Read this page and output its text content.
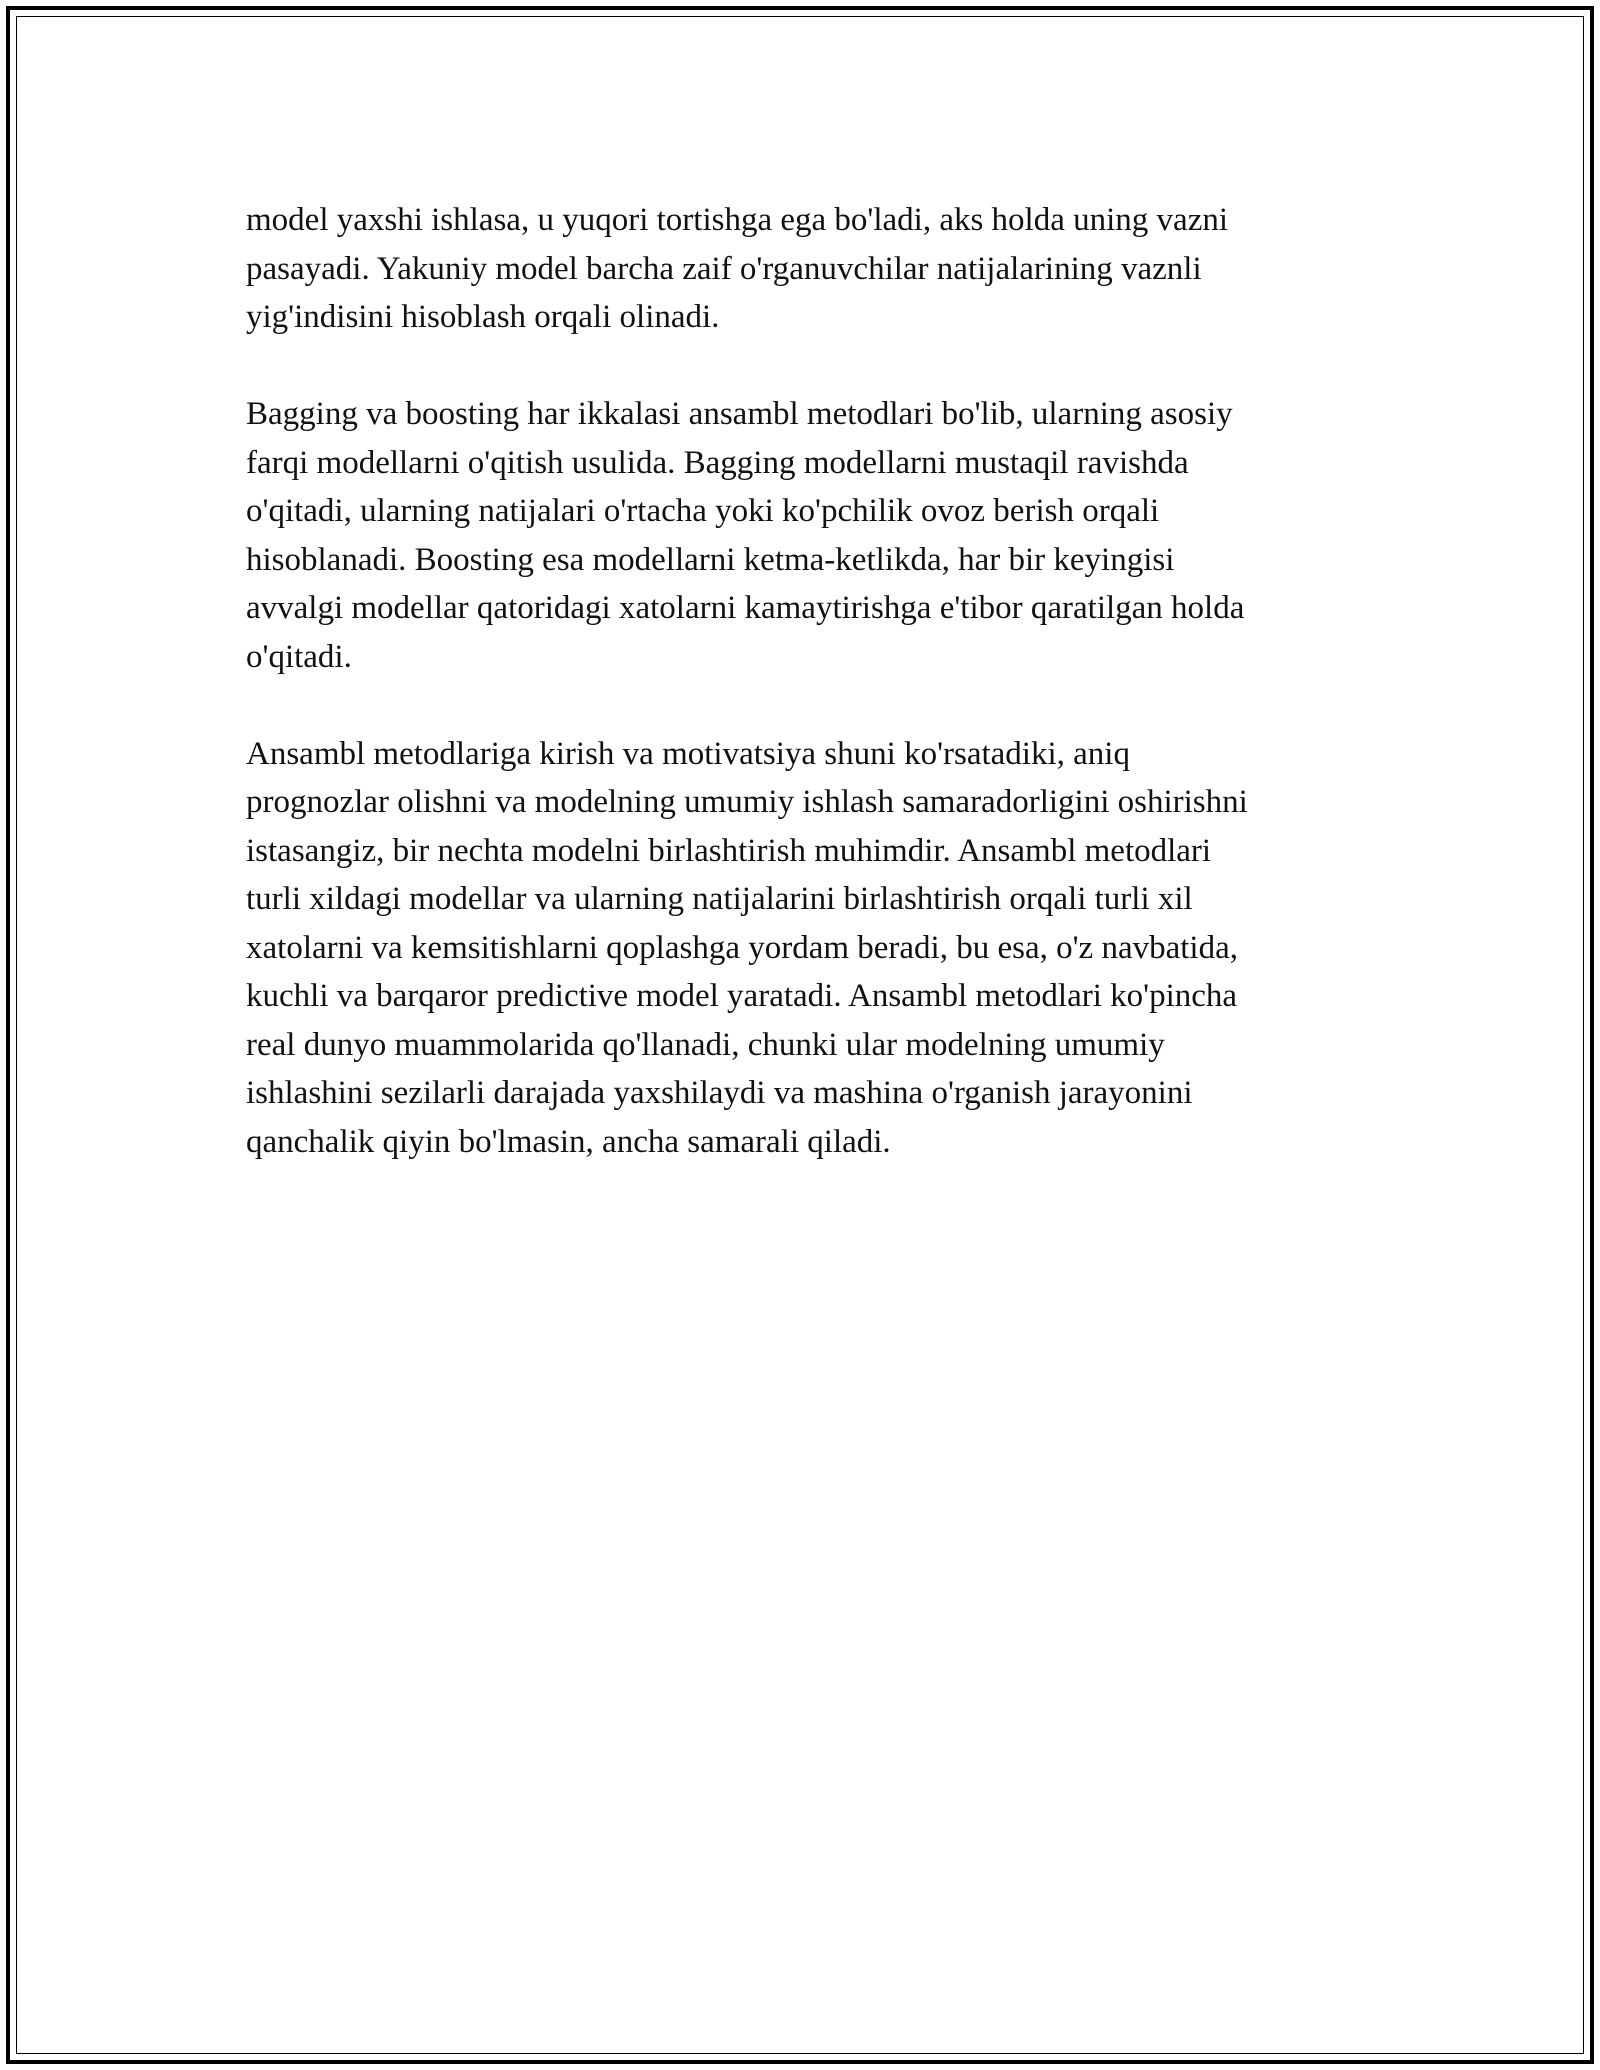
model yaxshi ishlasa, u yuqori tortishga ega bo'ladi, aks holda uning vazni
pasayadi. Yakuniy model barcha zaif o'rganuvchilar natijalarining vaznli
yig'indisini hisoblash orqali olinadi.

Bagging va boosting har ikkalasi ansambl metodlari bo'lib, ularning asosiy
farqi modellarni o'qitish usulida. Bagging modellarni mustaqil ravishda
o'qitadi, ularning natijalari o'rtacha yoki ko'pchilik ovoz berish orqali
hisoblanadi. Boosting esa modellarni ketma-ketlikda, har bir keyingisi
avvalgi modellar qatoridagi xatolarni kamaytirishga e'tibor qaratilgan holda
o'qitadi.

Ansambl metodlariga kirish va motivatsiya shuni ko'rsatadiki, aniq
prognozlar olishni va modelning umumiy ishlash samaradorligini oshirishni
istasangiz, bir nechta modelni birlashtirish muhimdir. Ansambl metodlari
turli xildagi modellar va ularning natijalarini birlashtirish orqali turli xil
xatolarni va kemsitishlarni qoplashga yordam beradi, bu esa, o'z navbatida,
kuchli va barqaror predictive model yaratadi. Ansambl metodlari ko'pincha
real dunyo muammolarida qo'llanadi, chunki ular modelning umumiy
ishlashini sezilarli darajada yaxshilaydi va mashina o'rganish jarayonini
qanchalik qiyin bo'lmasin, ancha samarali qiladi.
